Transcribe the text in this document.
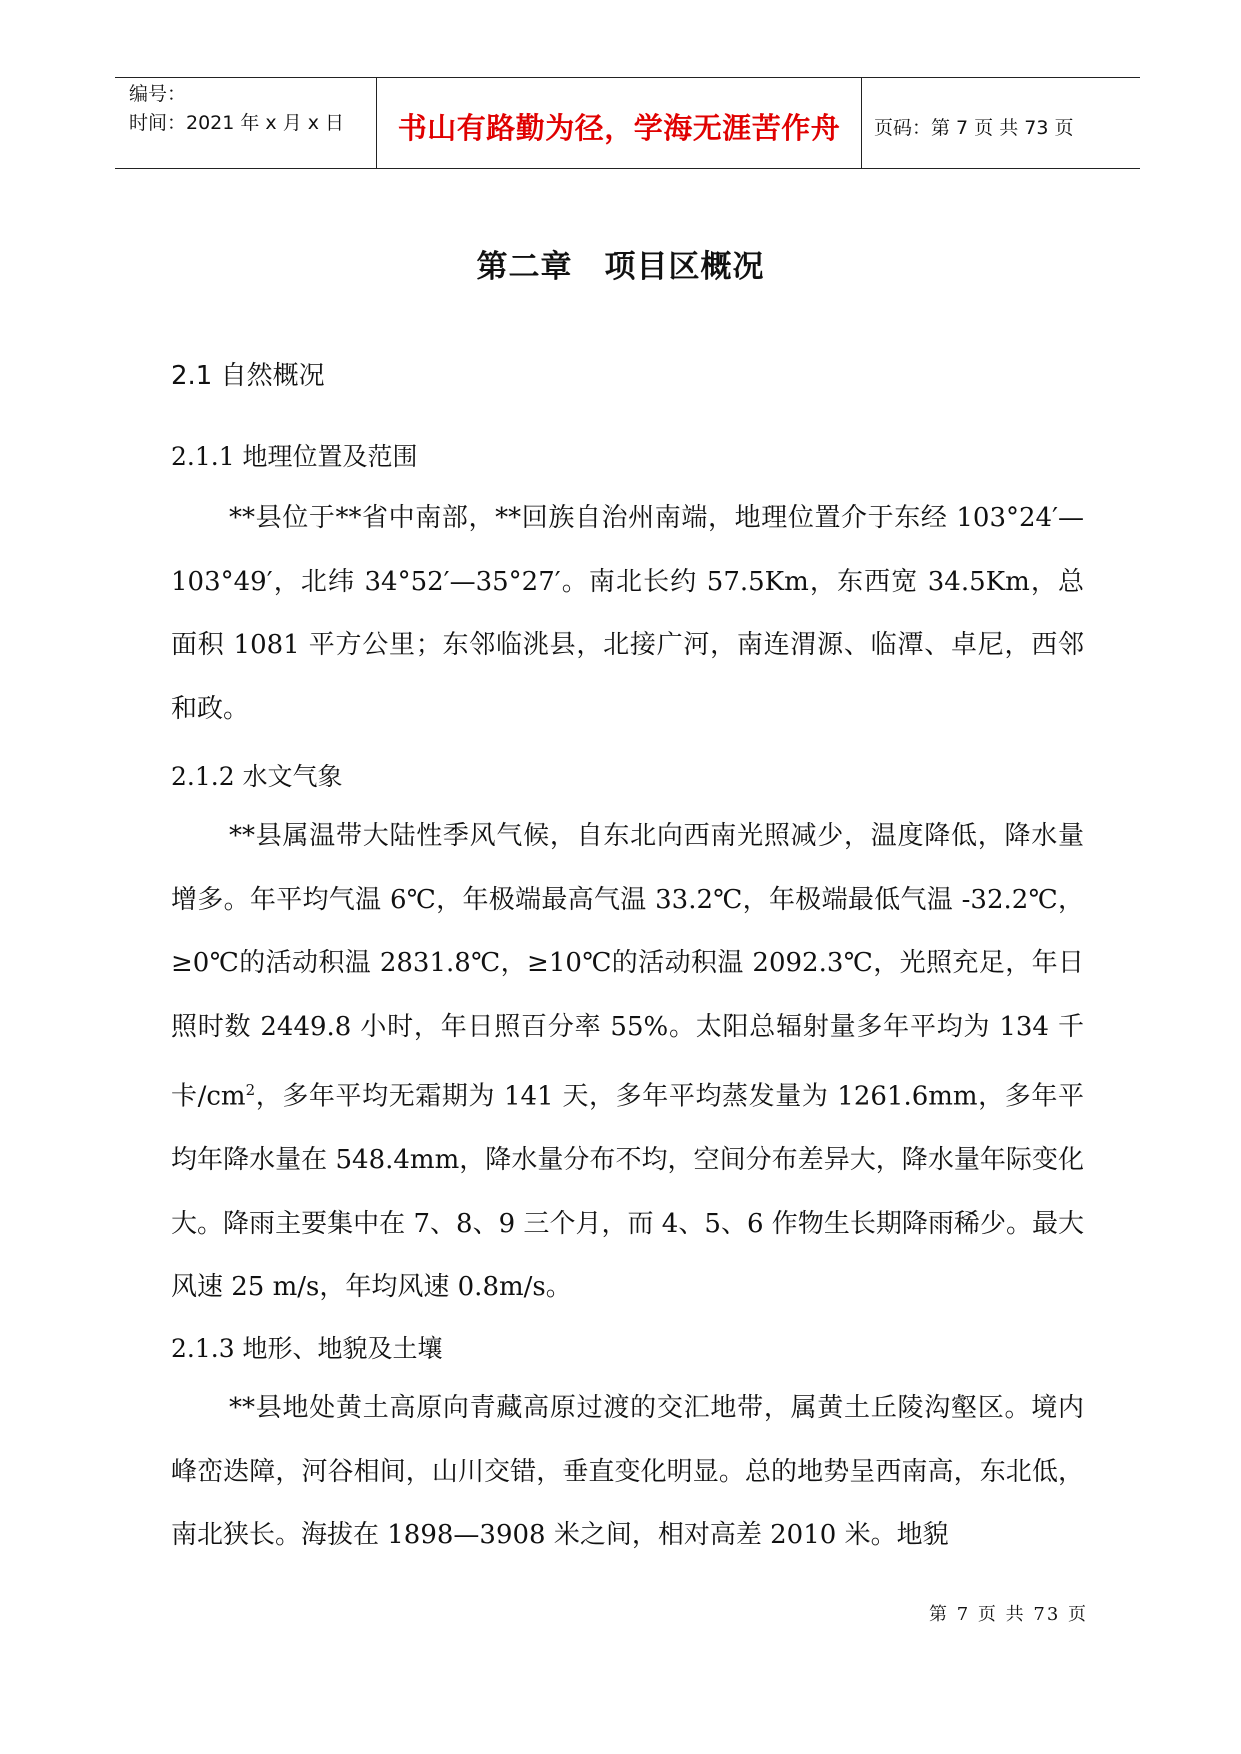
编号：
时间：2021 年 x 月 x 日	书山有路勤为径，学海无涯苦作舟 页码：第 7 页 共 73 页
第二章　项目区概况
2.1 自然概况
2.1.1 地理位置及范围

**县位于**省中南部，**回族自治州南端，地理位置介于东经 103°24′—103°49′，北纬 34°52′—35°27′。南北长约 57.5Km，东西宽 34.5Km，总面积 1081 平方公里；东邻临洮县，北接广河，南连渭源、临潭、卓尼，西邻和政。

2.1.2 水文气象

**县属温带大陆性季风气候，自东北向西南光照减少，温度降低，降水量增多。年平均气温 6℃，年极端最高气温 33.2℃，年极端最低气温 -32.2℃，≥0℃的活动积温 2831.8℃，≥10℃的活动积温 2092.3℃，光照充足，年日照时数 2449.8 小时，年日照百分率 55%。太阳总辐射量多年平均为 134 千卡$/cm^2$，多年平均无霜期为 141 天，多年平均蒸发量为 1261.6mm，多年平均年降水量在 548.4mm，降水量分布不均，空间分布差异大，降水量年际变化大。降雨主要集中在 7、8、9 三个月，而 4、5、6 作物生长期降雨稀少。最大风速 25 m/s，年均风速 0.8m/s。

2.1.3 地形、地貌及土壤

**县地处黄土高原向青藏高原过渡的交汇地带，属黄土丘陵沟壑区。境内峰峦迭障，河谷相间，山川交错，垂直变化明显。总的地势呈西南高，东北低，南北狭长。海拔在 1898—3908 米之间，相对高差 2010 米。地貌

第 7 页 共 73 页
